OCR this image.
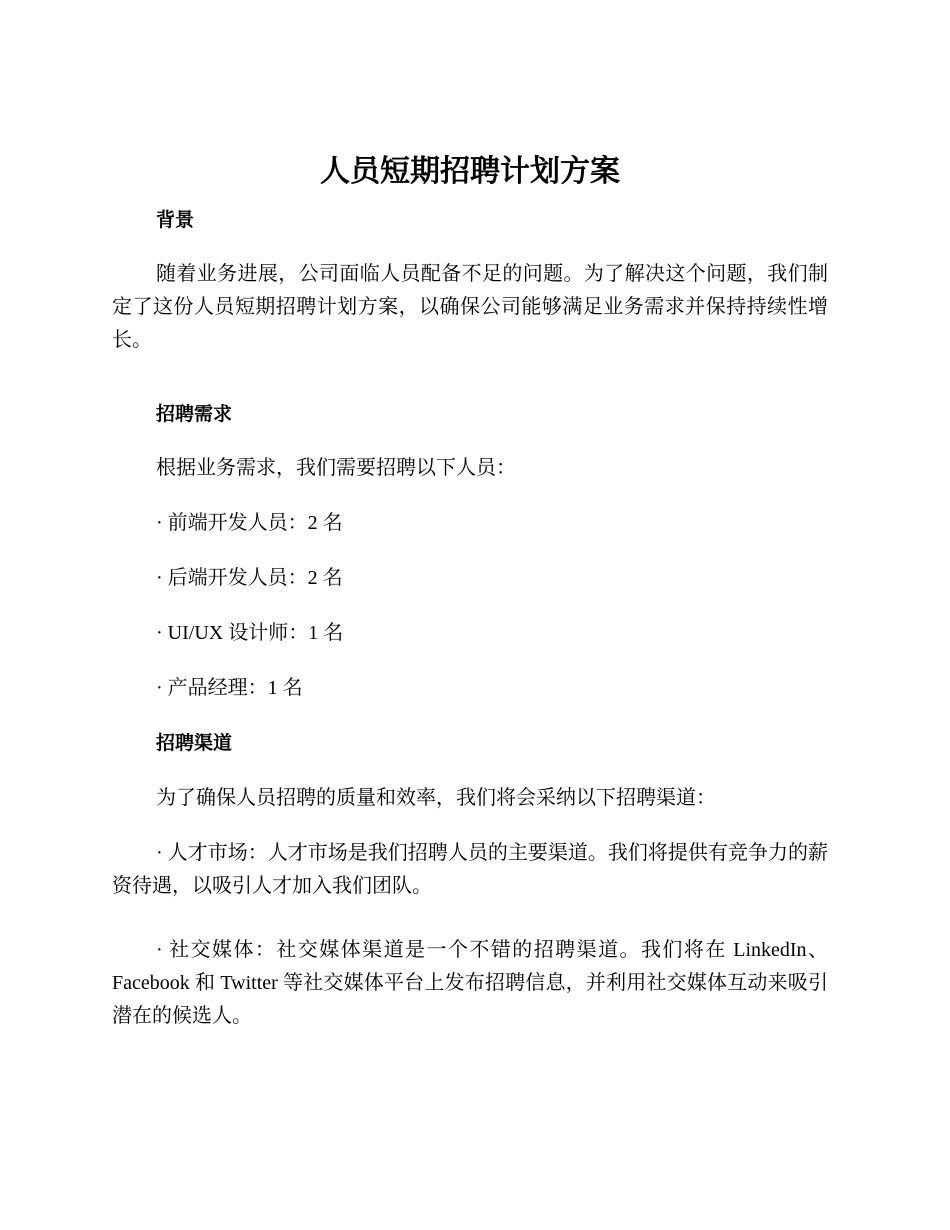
人员短期招聘计划方案
背景
随着业务进展，公司面临人员配备不足的问题。为了解决这个问题，我们制定了这份人员短期招聘计划方案，以确保公司能够满足业务需求并保持持续性增长。
招聘需求
根据业务需求，我们需要招聘以下人员：
· 前端开发人员：2 名
· 后端开发人员：2 名
· UI/UX 设计师：1 名
· 产品经理：1 名
招聘渠道
为了确保人员招聘的质量和效率，我们将会采纳以下招聘渠道：
· 人才市场：人才市场是我们招聘人员的主要渠道。我们将提供有竞争力的薪资待遇，以吸引人才加入我们团队。
· 社交媒体：社交媒体渠道是一个不错的招聘渠道。我们将在 LinkedIn、Facebook 和 Twitter 等社交媒体平台上发布招聘信息，并利用社交媒体互动来吸引潜在的候选人。
